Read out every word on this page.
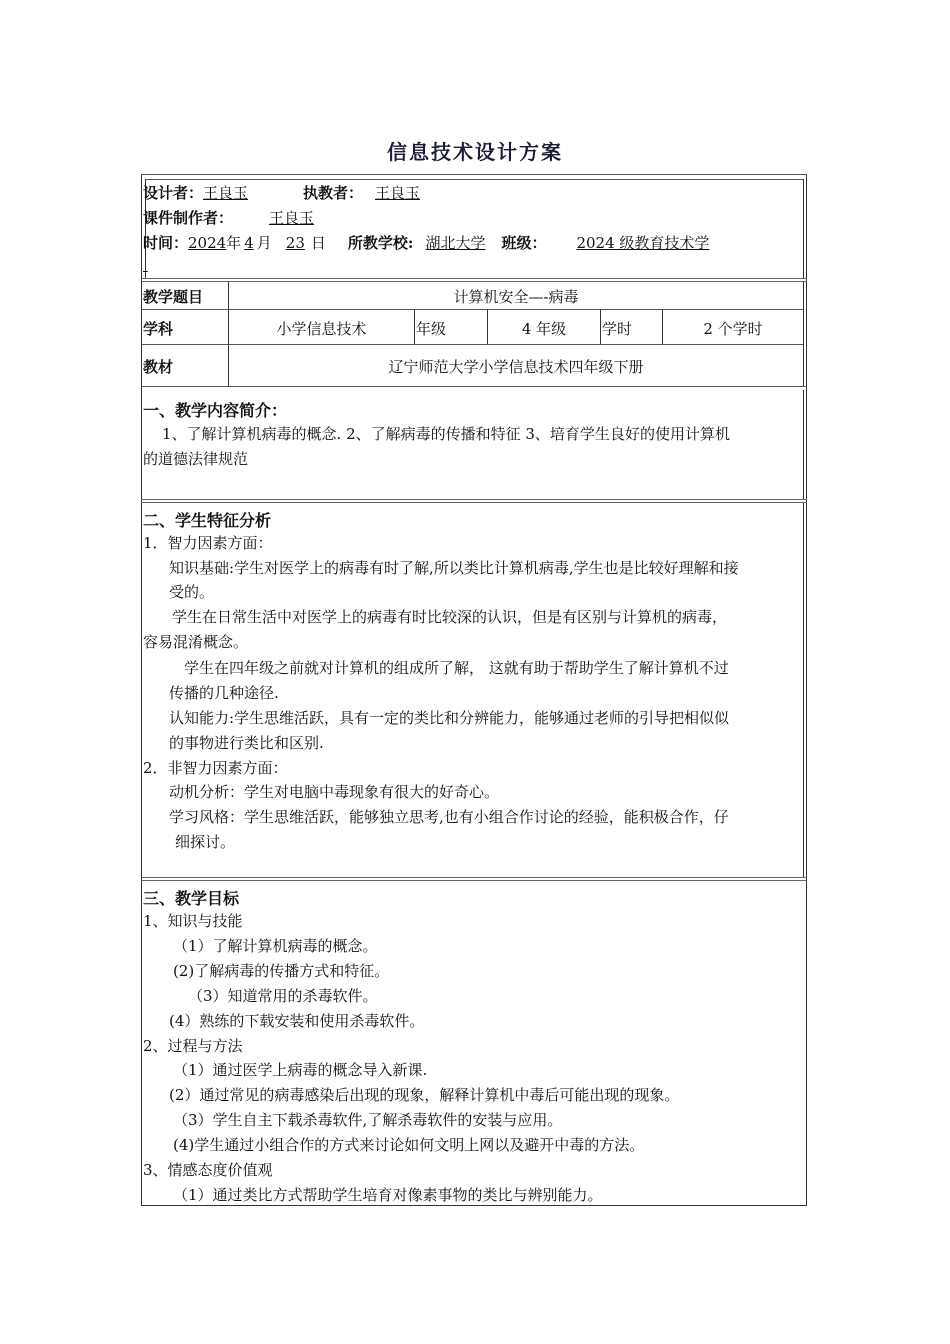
信息技术设计方案
设计者：王良玉	执教者： 王良玉
课件制作者： 王良玉
时间：2024年 4 月 23 日 所教学校: 湖北大学 班级： 2024 级教育技术学

教学题目	计算机安全—-病毒
学科	小学信息技术	年级	4 年级	学时	2 个学时
教材	辽宁师范大学小学信息技术四年级下册
一、教学内容简介：
1、了解计算机病毒的概念. 2、了解病毒的传播和特征 3、培育学生良好的使用计算机
的道德法律规范
二、学生特征分析
1．智力因素方面：
知识基础:学生对医学上的病毒有时了解,所以类比计算机病毒,学生也是比较好理解和接
受的。
学生在日常生活中对医学上的病毒有时比较深的认识，但是有区别与计算机的病毒，
容易混淆概念。
学生在四年级之前就对计算机的组成所了解， 这就有助于帮助学生了解计算机不过
传播的几种途径.
认知能力:学生思维活跃，具有一定的类比和分辨能力，能够通过老师的引导把相似似
的事物进行类比和区别.
2．非智力因素方面：
动机分析：学生对电脑中毒现象有很大的好奇心。
学习风格：学生思维活跃，能够独立思考,也有小组合作讨论的经验，能积极合作，仔
细探讨。
三、教学目标
1、知识与技能
（1）了解计算机病毒的概念。
(2)了解病毒的传播方式和特征。
（3）知道常用的杀毒软件。
(4）熟练的下载安装和使用杀毒软件。
2、过程与方法
（1）通过医学上病毒的概念导入新课.
(2）通过常见的病毒感染后出现的现象，解释计算机中毒后可能出现的现象。
（3）学生自主下载杀毒软件,了解杀毒软件的安装与应用。
(4)学生通过小组合作的方式来讨论如何文明上网以及避开中毒的方法。
3、情感态度价值观
（1）通过类比方式帮助学生培育对像素事物的类比与辨别能力。
